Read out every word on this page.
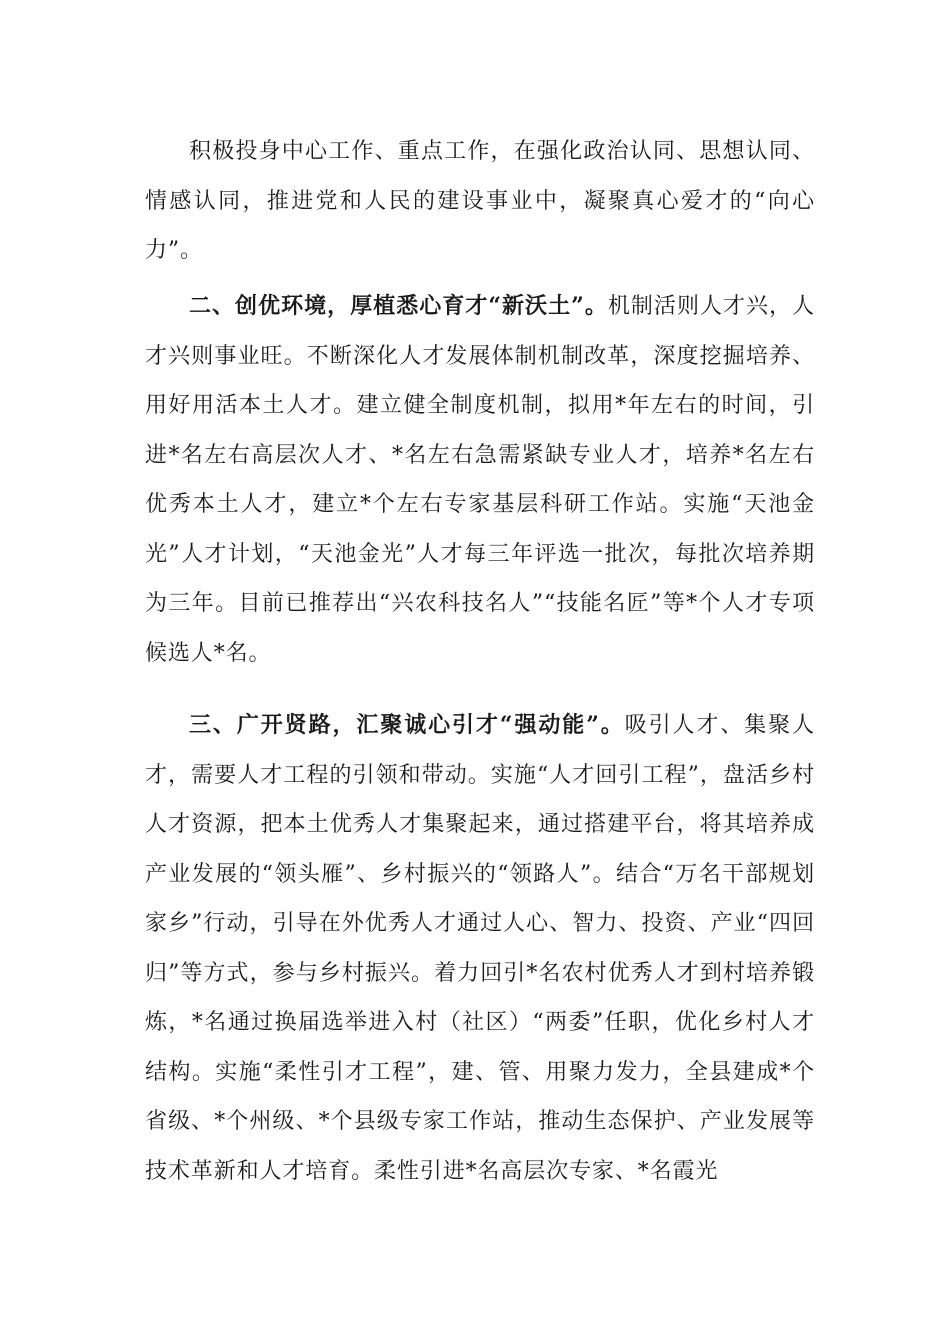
积极投身中心工作、重点工作，在强化政治认同、思想认同、情感认同，推进党和人民的建设事业中，凝聚真心爱才的“向心力”。

二、创优环境，厚植悉心育才“新沃土”。机制活则人才兴，人才兴则事业旺。不断深化人才发展体制机制改革，深度挖掘培养、用好用活本土人才。建立健全制度机制，拟用*年左右的时间，引进*名左右高层次人才、*名左右急需紧缺专业人才，培养*名左右优秀本土人才，建立*个左右专家基层科研工作站。实施“天池金光”人才计划，“天池金光”人才每三年评选一批次，每批次培养期为三年。目前已推荐出“兴农科技名人”“技能名匠”等*个人才专项候选人*名。

三、广开贤路，汇聚诚心引才“强动能”。吸引人才、集聚人才，需要人才工程的引领和带动。实施“人才回引工程”，盘活乡村人才资源，把本土优秀人才集聚起来，通过搭建平台，将其培养成产业发展的“领头雁”、乡村振兴的“领路人”。结合“万名干部规划家乡”行动，引导在外优秀人才通过人心、智力、投资、产业“四回归”等方式，参与乡村振兴。着力回引*名农村优秀人才到村培养锻炼，*名通过换届选举进入村（社区）“两委”任职，优化乡村人才结构。实施“柔性引才工程”，建、管、用聚力发力，全县建成*个省级、*个州级、*个县级专家工作站，推动生态保护、产业发展等技术革新和人才培育。柔性引进*名高层次专家、*名霞光
